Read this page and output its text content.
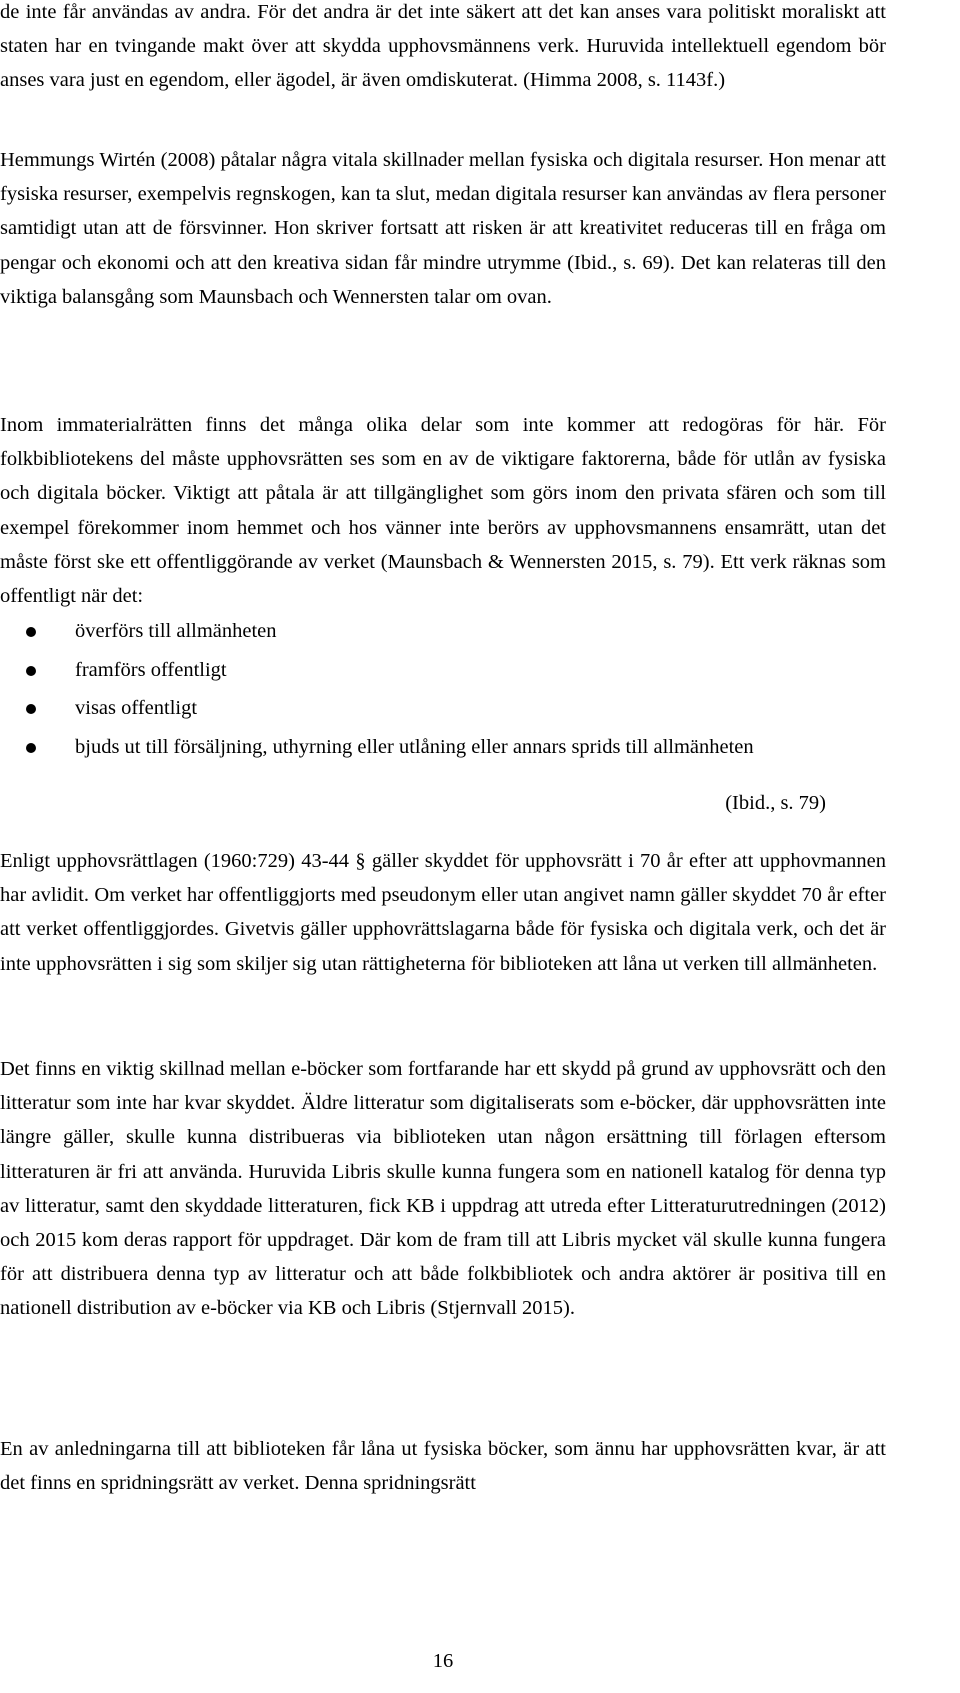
de inte får användas av andra. För det andra är det inte säkert att det kan anses vara politiskt moraliskt att staten har en tvingande makt över att skydda upphovsmännens verk. Huruvida intellektuell egendom bör anses vara just en egendom, eller ägodel, är även omdiskuterat. (Himma 2008, s. 1143f.)

Hemmungs Wirtén (2008) påtalar några vitala skillnader mellan fysiska och digitala resurser. Hon menar att fysiska resurser, exempelvis regnskogen, kan ta slut, medan digitala resurser kan användas av flera personer samtidigt utan att de försvinner. Hon skriver fortsatt att risken är att kreativitet reduceras till en fråga om pengar och ekonomi och att den kreativa sidan får mindre utrymme (Ibid., s. 69). Det kan relateras till den viktiga balansgång som Maunsbach och Wennersten talar om ovan.

Inom immaterialrätten finns det många olika delar som inte kommer att redogöras för här. För folkbibliotekens del måste upphovsrätten ses som en av de viktigare faktorerna, både för utlån av fysiska och digitala böcker. Viktigt att påtala är att tillgänglighet som görs inom den privata sfären och som till exempel förekommer inom hemmet och hos vänner inte berörs av upphovsmannens ensamrätt, utan det måste först ske ett offentliggörande av verket (Maunsbach & Wennersten 2015, s. 79). Ett verk räknas som offentligt när det:

överförs till allmänheten
framförs offentligt
visas offentligt
bjuds ut till försäljning, uthyrning eller utlåning eller annars sprids till allmänheten

(Ibid., s. 79)

Enligt upphovsrättlagen (1960:729) 43-44 § gäller skyddet för upphovsrätt i 70 år efter att upphovmannen har avlidit. Om verket har offentliggjorts med pseudonym eller utan angivet namn gäller skyddet 70 år efter att verket offentliggjordes. Givetvis gäller upphovrättslagarna både för fysiska och digitala verk, och det är inte upphovsrätten i sig som skiljer sig utan rättigheterna för biblioteken att låna ut verken till allmänheten.

Det finns en viktig skillnad mellan e-böcker som fortfarande har ett skydd på grund av upphovsrätt och den litteratur som inte har kvar skyddet. Äldre litteratur som digitaliserats som e-böcker, där upphovsrätten inte längre gäller, skulle kunna distribueras via biblioteken utan någon ersättning till förlagen eftersom litteraturen är fri att använda. Huruvida Libris skulle kunna fungera som en nationell katalog för denna typ av litteratur, samt den skyddade litteraturen, fick KB i uppdrag att utreda efter Litteraturutredningen (2012) och 2015 kom deras rapport för uppdraget. Där kom de fram till att Libris mycket väl skulle kunna fungera för att distribuera denna typ av litteratur och att både folkbibliotek och andra aktörer är positiva till en nationell distribution av e-böcker via KB och Libris (Stjernvall 2015).

En av anledningarna till att biblioteken får låna ut fysiska böcker, som ännu har upphovsrätten kvar, är att det finns en spridningsrätt av verket. Denna spridningsrätt

16
